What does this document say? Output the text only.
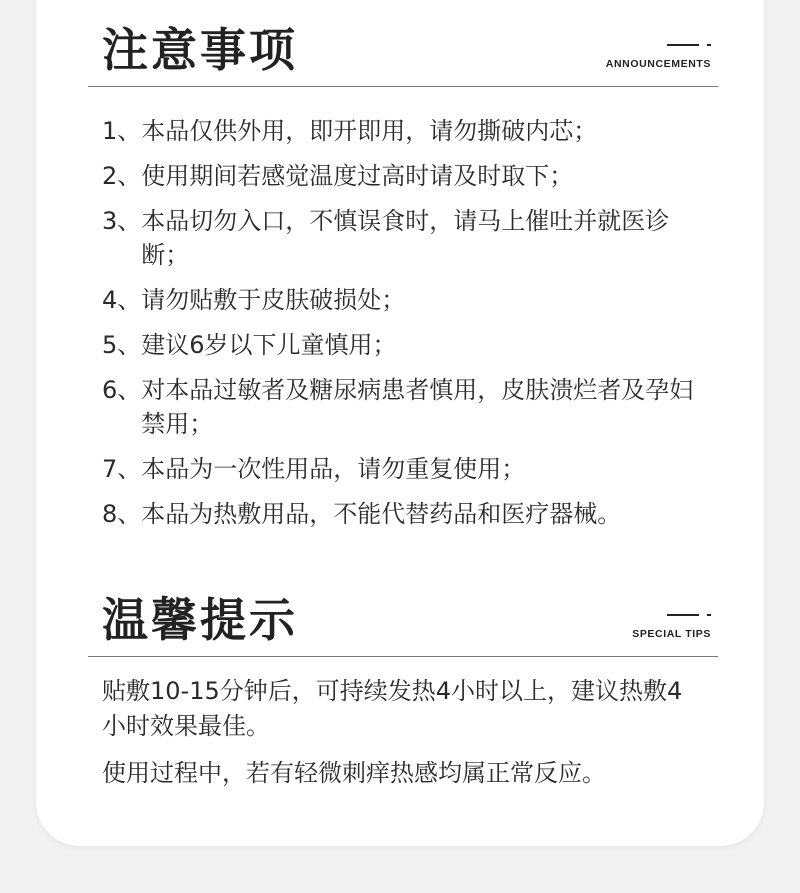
注意事项	ANNOUNCEMENTS
1、 本品仅供外用，即开即用，请勿撕破内芯；
2、 使用期间若感觉温度过高时请及时取下；
3、 本品切勿入口，不慎误食时，请马上催吐并就医诊断；
4、 请勿贴敷于皮肤破损处；
5、 建议6岁以下儿童慎用；
6、 对本品过敏者及糖尿病患者慎用，皮肤溃烂者及孕妇禁用；
7、 本品为一次性用品，请勿重复使用；
8、 本品为热敷用品，不能代替药品和医疗器械。
温馨提示	SPECIAL TIPS

贴敷10-15分钟后，可持续发热4小时以上，建议热敷4小时效果最佳。

使用过程中，若有轻微刺痒热感均属正常反应。
